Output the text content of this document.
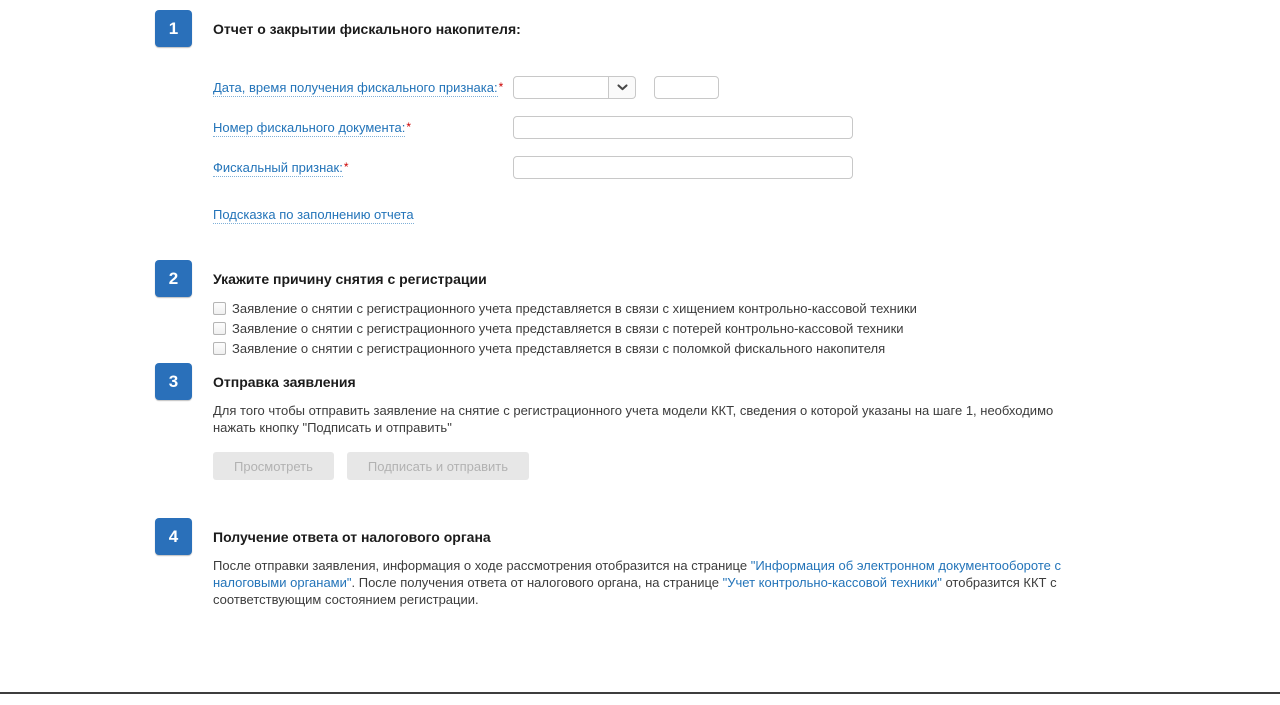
1	Отчет о закрытии фискального накопителя:
Дата, время получения фискального признака:*
Номер фискального документа:*
Фискальный признак:*
Подсказка по заполнению отчета
2	Укажите причину снятия с регистрации
Заявление о снятии с регистрационного учета представляется в связи с хищением контрольно-кассовой техники
Заявление о снятии с регистрационного учета представляется в связи с потерей контрольно-кассовой техники
Заявление о снятии с регистрационного учета представляется в связи с поломкой фискального накопителя
3	Отправка заявления

Для того чтобы отправить заявление на снятие с регистрационного учета модели ККТ, сведения о которой указаны на шаге 1, необходимо нажать кнопку "Подписать и отправить"

Просмотреть	Подписать и отправить
4	Получение ответа от налогового органа

После отправки заявления, информация о ходе рассмотрения отобразится на странице "Информация об электронном документообороте с налоговыми органами". После получения ответа от налогового органа, на странице "Учет контрольно-кассовой техники" отобразится ККТ с соответствующим состоянием регистрации.
